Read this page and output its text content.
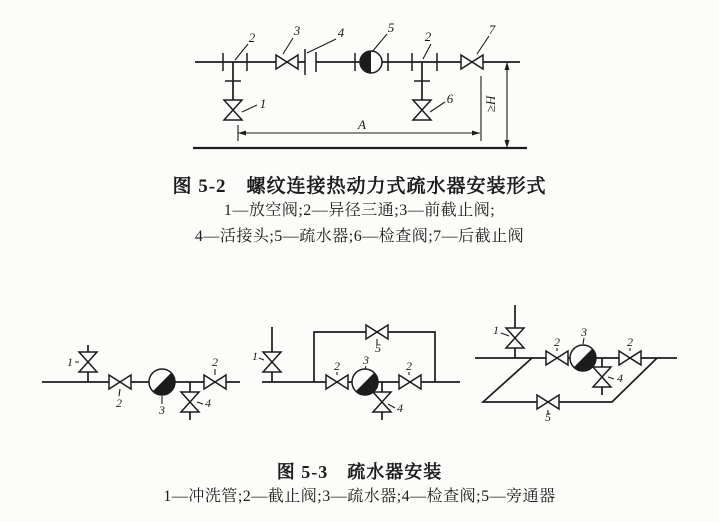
2	3	4	5
2	7
1	6
A
≥H
1
2	3	4
2	1
2 3
5
2
4
1
2
3
4
2
5
图 5-2　螺纹连接热动力式疏水器安装形式
1—放空阀;2—异径三通;3—前截止阀;
4—活接头;5—疏水器;6—检查阀;7—后截止阀
图 5-3　疏水器安装
1—冲洗管;2—截止阀;3—疏水器;4—检查阀;5—旁通器
